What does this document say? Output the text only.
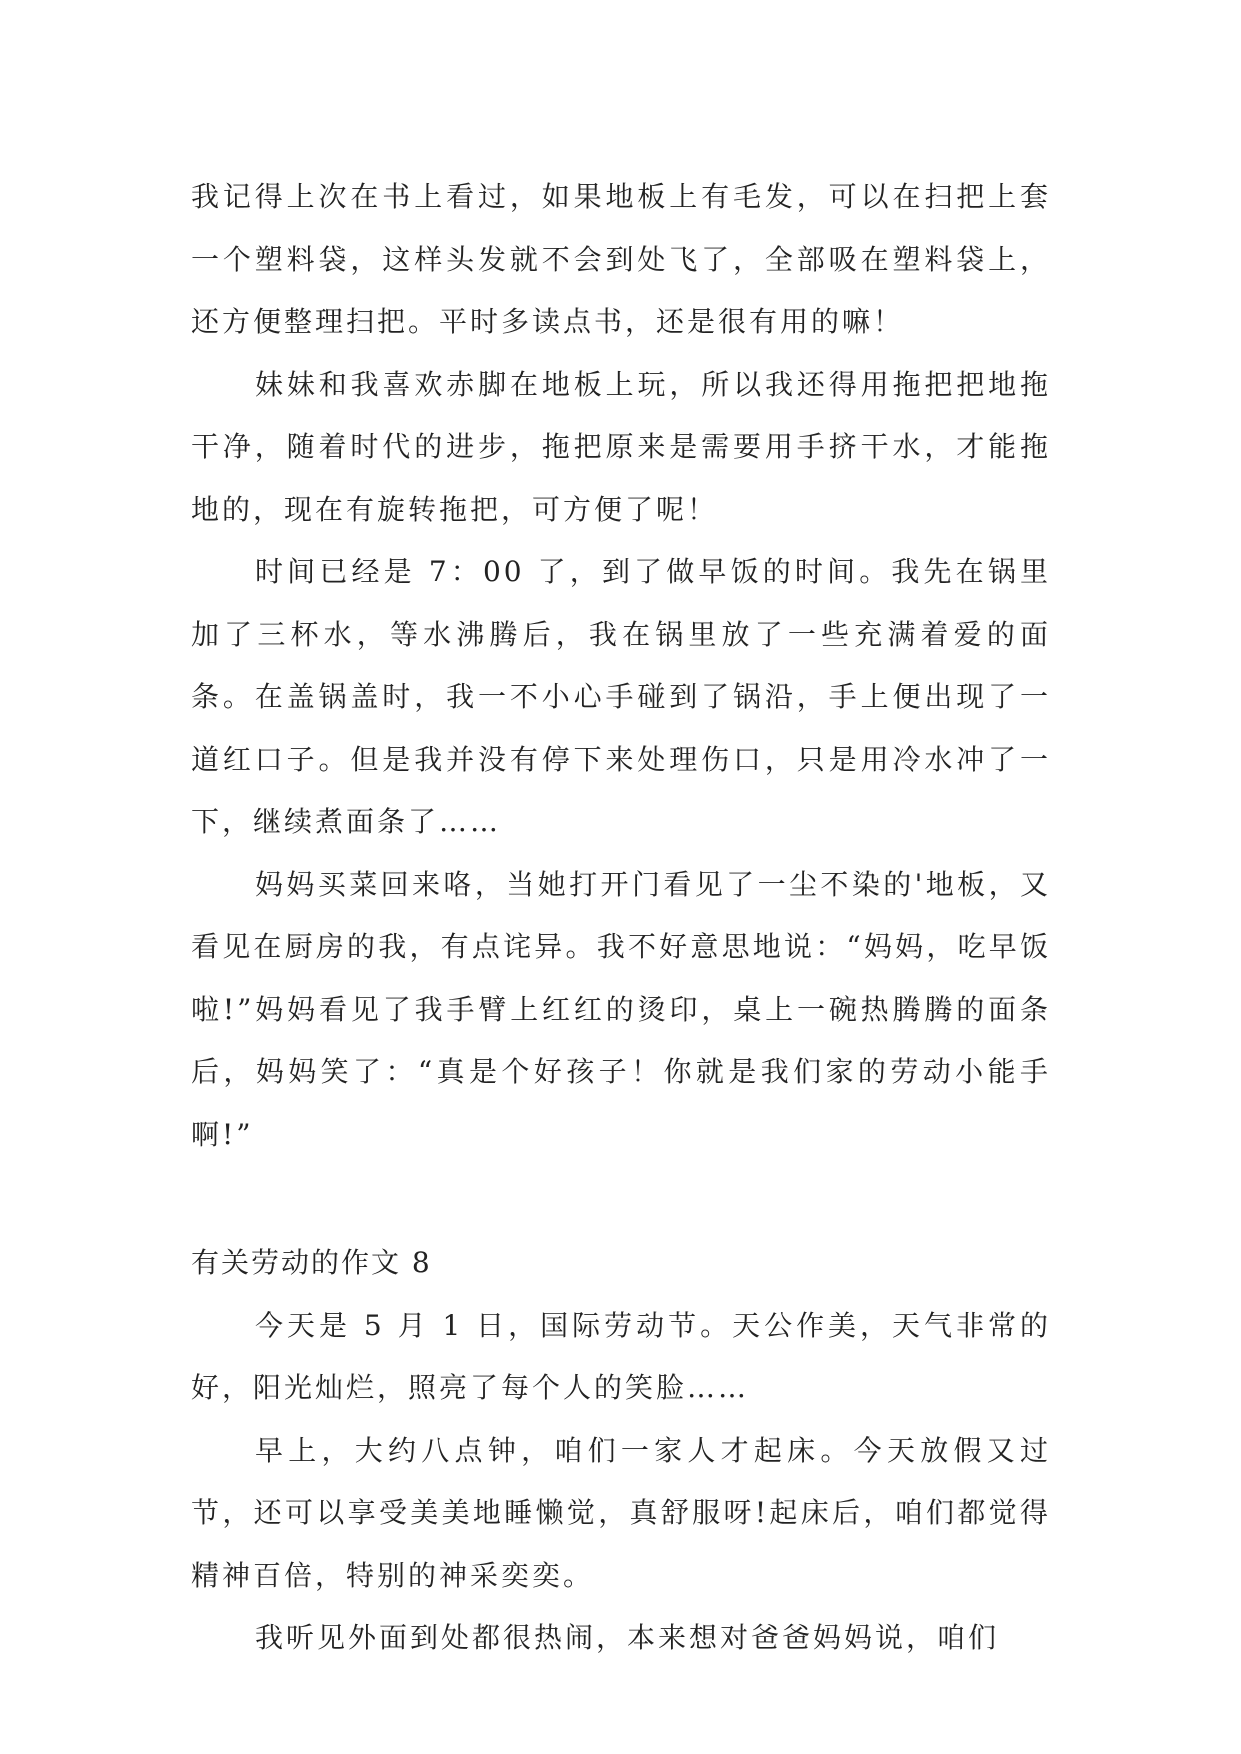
我记得上次在书上看过，如果地板上有毛发，可以在扫把上套一个塑料袋，这样头发就不会到处飞了，全部吸在塑料袋上，还方便整理扫把。平时多读点书，还是很有用的嘛！

妹妹和我喜欢赤脚在地板上玩，所以我还得用拖把把地拖干净，随着时代的进步，拖把原来是需要用手挤干水，才能拖地的，现在有旋转拖把，可方便了呢！

时间已经是 7：00 了，到了做早饭的时间。我先在锅里加了三杯水，等水沸腾后，我在锅里放了一些充满着爱的面条。在盖锅盖时，我一不小心手碰到了锅沿，手上便出现了一道红口子。但是我并没有停下来处理伤口，只是用冷水冲了一下，继续煮面条了……

妈妈买菜回来咯，当她打开门看见了一尘不染的'地板，又看见在厨房的我，有点诧异。我不好意思地说：“妈妈，吃早饭啦!”妈妈看见了我手臂上红红的烫印，桌上一碗热腾腾的面条后，妈妈笑了：“真是个好孩子！你就是我们家的劳动小能手啊!”

有关劳动的作文 8

今天是 5 月 1 日，国际劳动节。天公作美，天气非常的好，阳光灿烂，照亮了每个人的笑脸……

早上，大约八点钟，咱们一家人才起床。今天放假又过节，还可以享受美美地睡懒觉，真舒服呀!起床后，咱们都觉得精神百倍，特别的神采奕奕。

我听见外面到处都很热闹，本来想对爸爸妈妈说，咱们
